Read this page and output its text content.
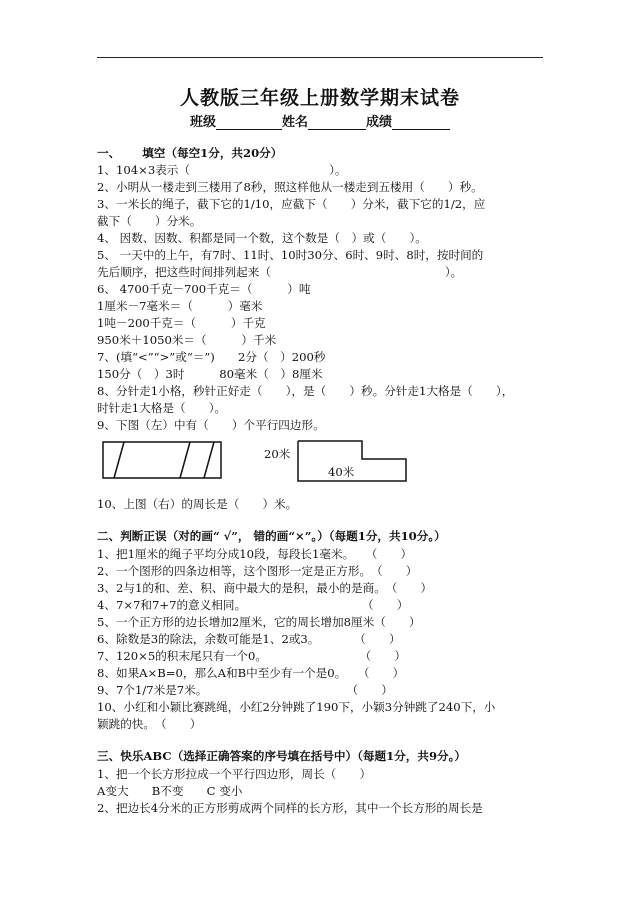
人教版三年级上册数学期末试卷
班级	姓名	成绩
一、 填空（每空1分，共20分）
1、104×3表示（　　　　　　　　　　　　）。
2、小明从一楼走到三楼用了8秒，照这样他从一楼走到五楼用（　　）秒。
3、一米长的绳子，截下它的1/10，应截下（　　）分米，截下它的1/2，应
截下（　　）分米。
4、 因数、因数、积都是同一个数，这个数是（　）或（　　）。
5、 一天中的上午，有7时、11时、10时30分、6时、9时、8时，按时间的
先后顺序，把这些时间排列起来（　　　　　　　　　　　　　　　）。
6、 4700千克－700千克＝（　　　）吨
1厘米－7毫米＝（　　　）毫米
1吨－200千克＝（　　　）千克
950米＋1050米＝（　　　）千米
7、(填“<”“>”或“＝”)　　2分（　）200秒
150分（　）3时　　　80毫米（　）8厘米
8、分针走1小格，秒针正好走（　　），是（　　）秒。分针走1大格是（　　），
时针走1大格是（　　）。
9、下图（左）中有（　　）个平行四边形。
20米
40米
10、上图（右）的周长是（　　）米。
二、判断正误（对的画“ √”， 错的画“×”。）（每题1分，共10分。）
1、把1厘米的绳子平均分成10段，每段长1毫米。　　（　　）
2、一个图形的四条边相等，这个图形一定是正方形。　（　　）
3、2与1的和、差、积、商中最大的是积，最小的是商。　（　　）
4、7×7和7+7的意义相同。　　　　　　　　　　　（　　）
5、一个正方形的边长增加2厘米，它的周长增加8厘米（　　）
6、除数是3的除法，余数可能是1、2或3。　　　　（　　）
7、120×5的积末尾只有一个0。　　　　　　　　　（　　）
8、如果A×B=0，那么A和B中至少有一个是0。　　（　　）
9、7个1/7米是7米。　　　　　　　　　　　　　（　　）
10、小红和小颖比赛跳绳，小红2分钟跳了190下，小颖3分钟跳了240下，小
颖跳的快。　（　　）
三、快乐ABC（选择正确答案的序号填在括号中）（每题1分，共9分。）
1、把一个长方形拉成一个平行四边形，周长（　　）
A变大　　B不变　　C 变小
2、把边长4分米的正方形剪成两个同样的长方形，其中一个长方形的周长是
